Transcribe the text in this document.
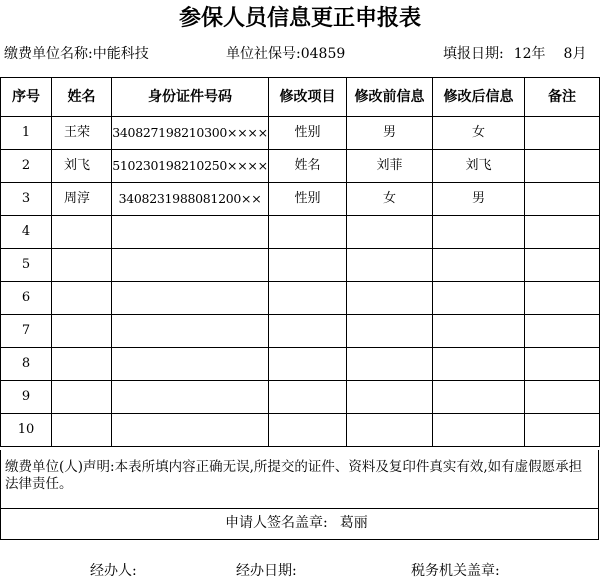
参保人员信息更正申报表
缴费单位名称:中能科技	单位社保号:04859	填报日期: 12年 8月
序号	姓名	身份证件号码	修改项目	修改前信息	修改后信息	备注
1	王荣	340827198210300××××	性别	男	女	
2	刘飞	510230198210250××××	姓名	刘菲	刘飞	
3	周淳	3408231988081200××	性别	女	男	
4						
5						
6						
7						
8						
9						
10						
缴费单位(人)声明:本表所填内容正确无误,所提交的证件、资料及复印件真实有效,如有虚假愿承担法律责任。
申请人签名盖章: 葛丽
经办人:	经办日期:	税务机关盖章:
